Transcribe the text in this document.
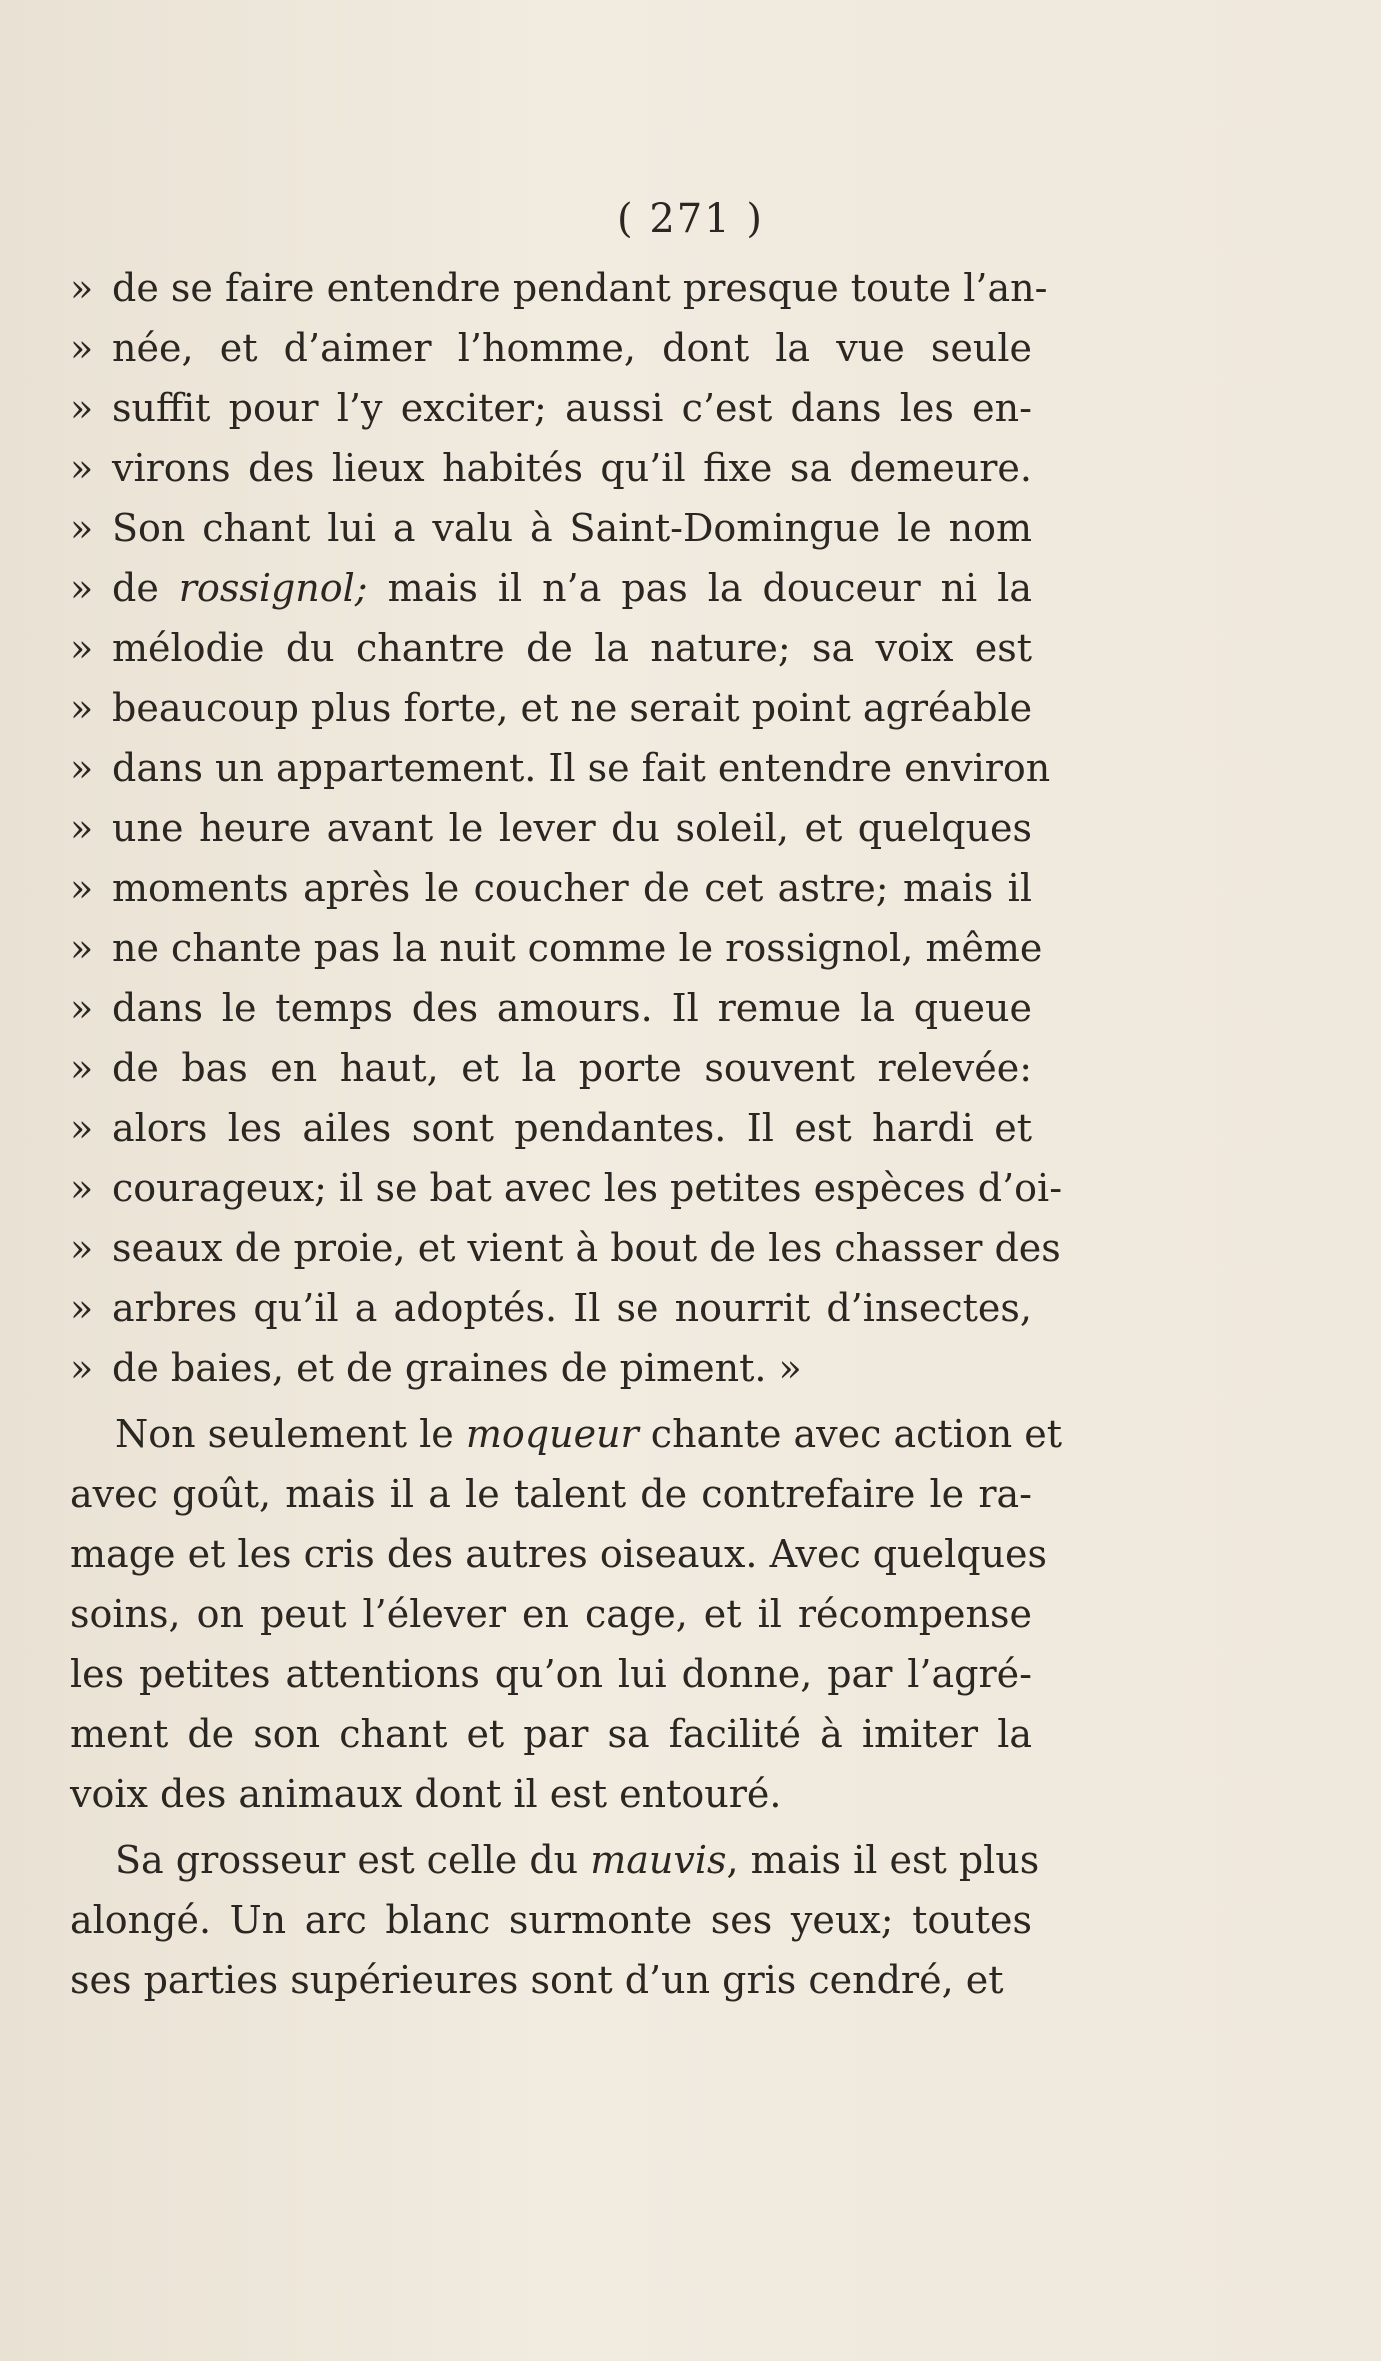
( 271 )
» de se faire entendre pendant presque toute l’an-
» née, et d’aimer l’homme, dont la vue seule
» suffit pour l’y exciter; aussi c’est dans les en-
» virons des lieux habités qu’il fixe sa demeure.
» Son chant lui a valu à Saint-Domingue le nom
» de rossignol; mais il n’a pas la douceur ni la
» mélodie du chantre de la nature; sa voix est
» beaucoup plus forte, et ne serait point agréable
» dans un appartement. Il se fait entendre environ
» une heure avant le lever du soleil, et quelques
» moments après le coucher de cet astre; mais il
» ne chante pas la nuit comme le rossignol, même
» dans le temps des amours. Il remue la queue
» de bas en haut, et la porte souvent relevée:
» alors les ailes sont pendantes. Il est hardi et
» courageux; il se bat avec les petites espèces d’oi-
» seaux de proie, et vient à bout de les chasser des
» arbres qu’il a adoptés. Il se nourrit d’insectes,
» de baies, et de graines de piment. »
Non seulement le moqueur chante avec action et
avec goût, mais il a le talent de contrefaire le ra-
mage et les cris des autres oiseaux. Avec quelques
soins, on peut l’élever en cage, et il récompense
les petites attentions qu’on lui donne, par l’agré-
ment de son chant et par sa facilité à imiter la
voix des animaux dont il est entouré.
Sa grosseur est celle du mauvis, mais il est plus
alongé. Un arc blanc surmonte ses yeux; toutes
ses parties supérieures sont d’un gris cendré, et
